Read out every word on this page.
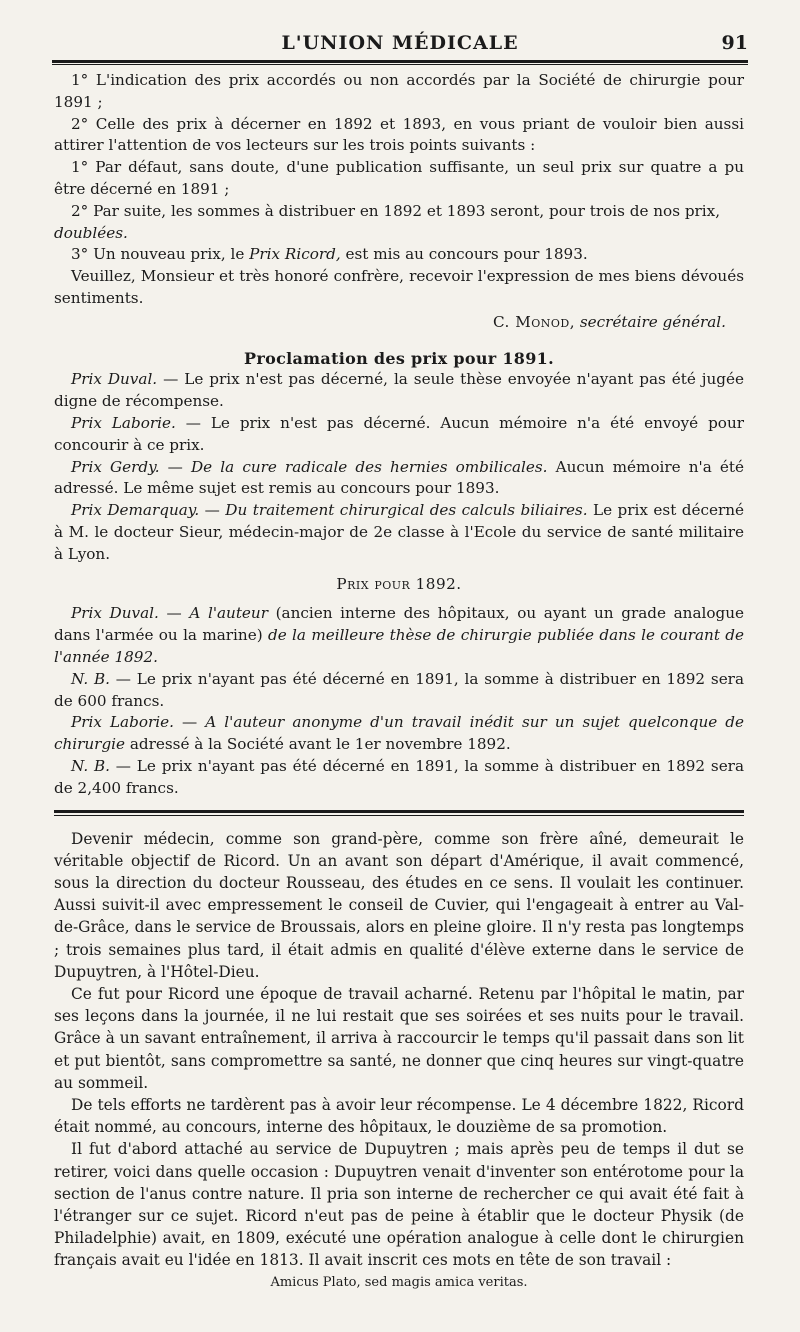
L'UNION MÉDICALE	91

1° L'indication des prix accordés ou non accordés par la Société de chirurgie pour 1891 ;

2° Celle des prix à décerner en 1892 et 1893, en vous priant de vouloir bien aussi attirer l'attention de vos lecteurs sur les trois points suivants :

1° Par défaut, sans doute, d'une publication suffisante, un seul prix sur quatre a pu être décerné en 1891 ;

2° Par suite, les sommes à distribuer en 1892 et 1893 seront, pour trois de nos prix,
doublées.

3° Un nouveau prix, le Prix Ricord, est mis au concours pour 1893.

Veuillez, Monsieur et très honoré confrère, recevoir l'expression de mes biens dévoués sentiments.

C. Monod, secrétaire général.

Proclamation des prix pour 1891.

Prix Duval. — Le prix n'est pas décerné, la seule thèse envoyée n'ayant pas été jugée digne de récompense.

Prix Laborie. — Le prix n'est pas décerné. Aucun mémoire n'a été envoyé pour concourir à ce prix.

Prix Gerdy. — De la cure radicale des hernies ombilicales. Aucun mémoire n'a été adressé. Le même sujet est remis au concours pour 1893.

Prix Demarquay. — Du traitement chirurgical des calculs biliaires. Le prix est décerné à M. le docteur Sieur, médecin-major de 2e classe à l'Ecole du service de santé militaire à Lyon.

Prix pour 1892.

Prix Duval. — A l'auteur (ancien interne des hôpitaux, ou ayant un grade analogue dans l'armée ou la marine) de la meilleure thèse de chirurgie publiée dans le courant de l'année 1892.

N. B. — Le prix n'ayant pas été décerné en 1891, la somme à distribuer en 1892 sera de 600 francs.

Prix Laborie. — A l'auteur anonyme d'un travail inédit sur un sujet quelconque de chirurgie adressé à la Société avant le 1er novembre 1892.

N. B. — Le prix n'ayant pas été décerné en 1891, la somme à distribuer en 1892 sera de 2,400 francs.

Devenir médecin, comme son grand-père, comme son frère aîné, demeurait le véritable objectif de Ricord. Un an avant son départ d'Amérique, il avait commencé, sous la direction du docteur Rousseau, des études en ce sens. Il voulait les continuer. Aussi suivit-il avec empressement le conseil de Cuvier, qui l'engageait à entrer au Val-de-Grâce, dans le service de Broussais, alors en pleine gloire. Il n'y resta pas longtemps ; trois semaines plus tard, il était admis en qualité d'élève externe dans le service de Dupuytren, à l'Hôtel-Dieu.

Ce fut pour Ricord une époque de travail acharné. Retenu par l'hôpital le matin, par ses leçons dans la journée, il ne lui restait que ses soirées et ses nuits pour le travail. Grâce à un savant entraînement, il arriva à raccourcir le temps qu'il passait dans son lit et put bientôt, sans compromettre sa santé, ne donner que cinq heures sur vingt-quatre au sommeil.

De tels efforts ne tardèrent pas à avoir leur récompense. Le 4 décembre 1822, Ricord était nommé, au concours, interne des hôpitaux, le douzième de sa promotion.

Il fut d'abord attaché au service de Dupuytren ; mais après peu de temps il dut se retirer, voici dans quelle occasion : Dupuytren venait d'inventer son entérotome pour la section de l'anus contre nature. Il pria son interne de rechercher ce qui avait été fait à l'étranger sur ce sujet. Ricord n'eut pas de peine à établir que le docteur Physik (de Philadelphie) avait, en 1809, exécuté une opération analogue à celle dont le chirurgien français avait eu l'idée en 1813. Il avait inscrit ces mots en tête de son travail :

Amicus Plato, sed magis amica veritas.
